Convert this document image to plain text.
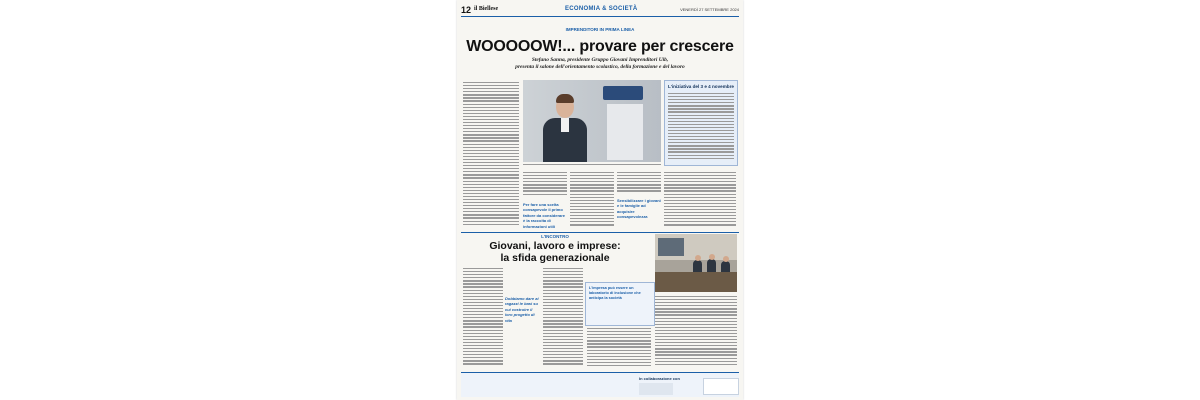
12 il Biellese	ECONOMIA & SOCIETÀ	VENERDÌ 27 SETTEMBRE 2024
IMPRENDITORI IN PRIMA LINEA
WOOOOOW!... provare per crescere
Stefano Sanna, presidente Gruppo Giovani Imprenditori Uib,
presenta il salone dell'orientamento scolastico, della formazione e del lavoro
L'iniziativa del 3 e 4 novembre
Per fare una scelta consapevole il primo fattore da considerare è la raccolta di informazioni utili
Sensibilizzare i giovani e le famiglie ad acquisire consapevolezza
L'INCONTRO
Giovani, lavoro e imprese:
la sfida generazionale
Dobbiamo dare ai ragazzi le basi su cui costruire il loro progetto di vita
L'impresa può essere un laboratorio di inclusione che anticipa la società
In collaborazione con
